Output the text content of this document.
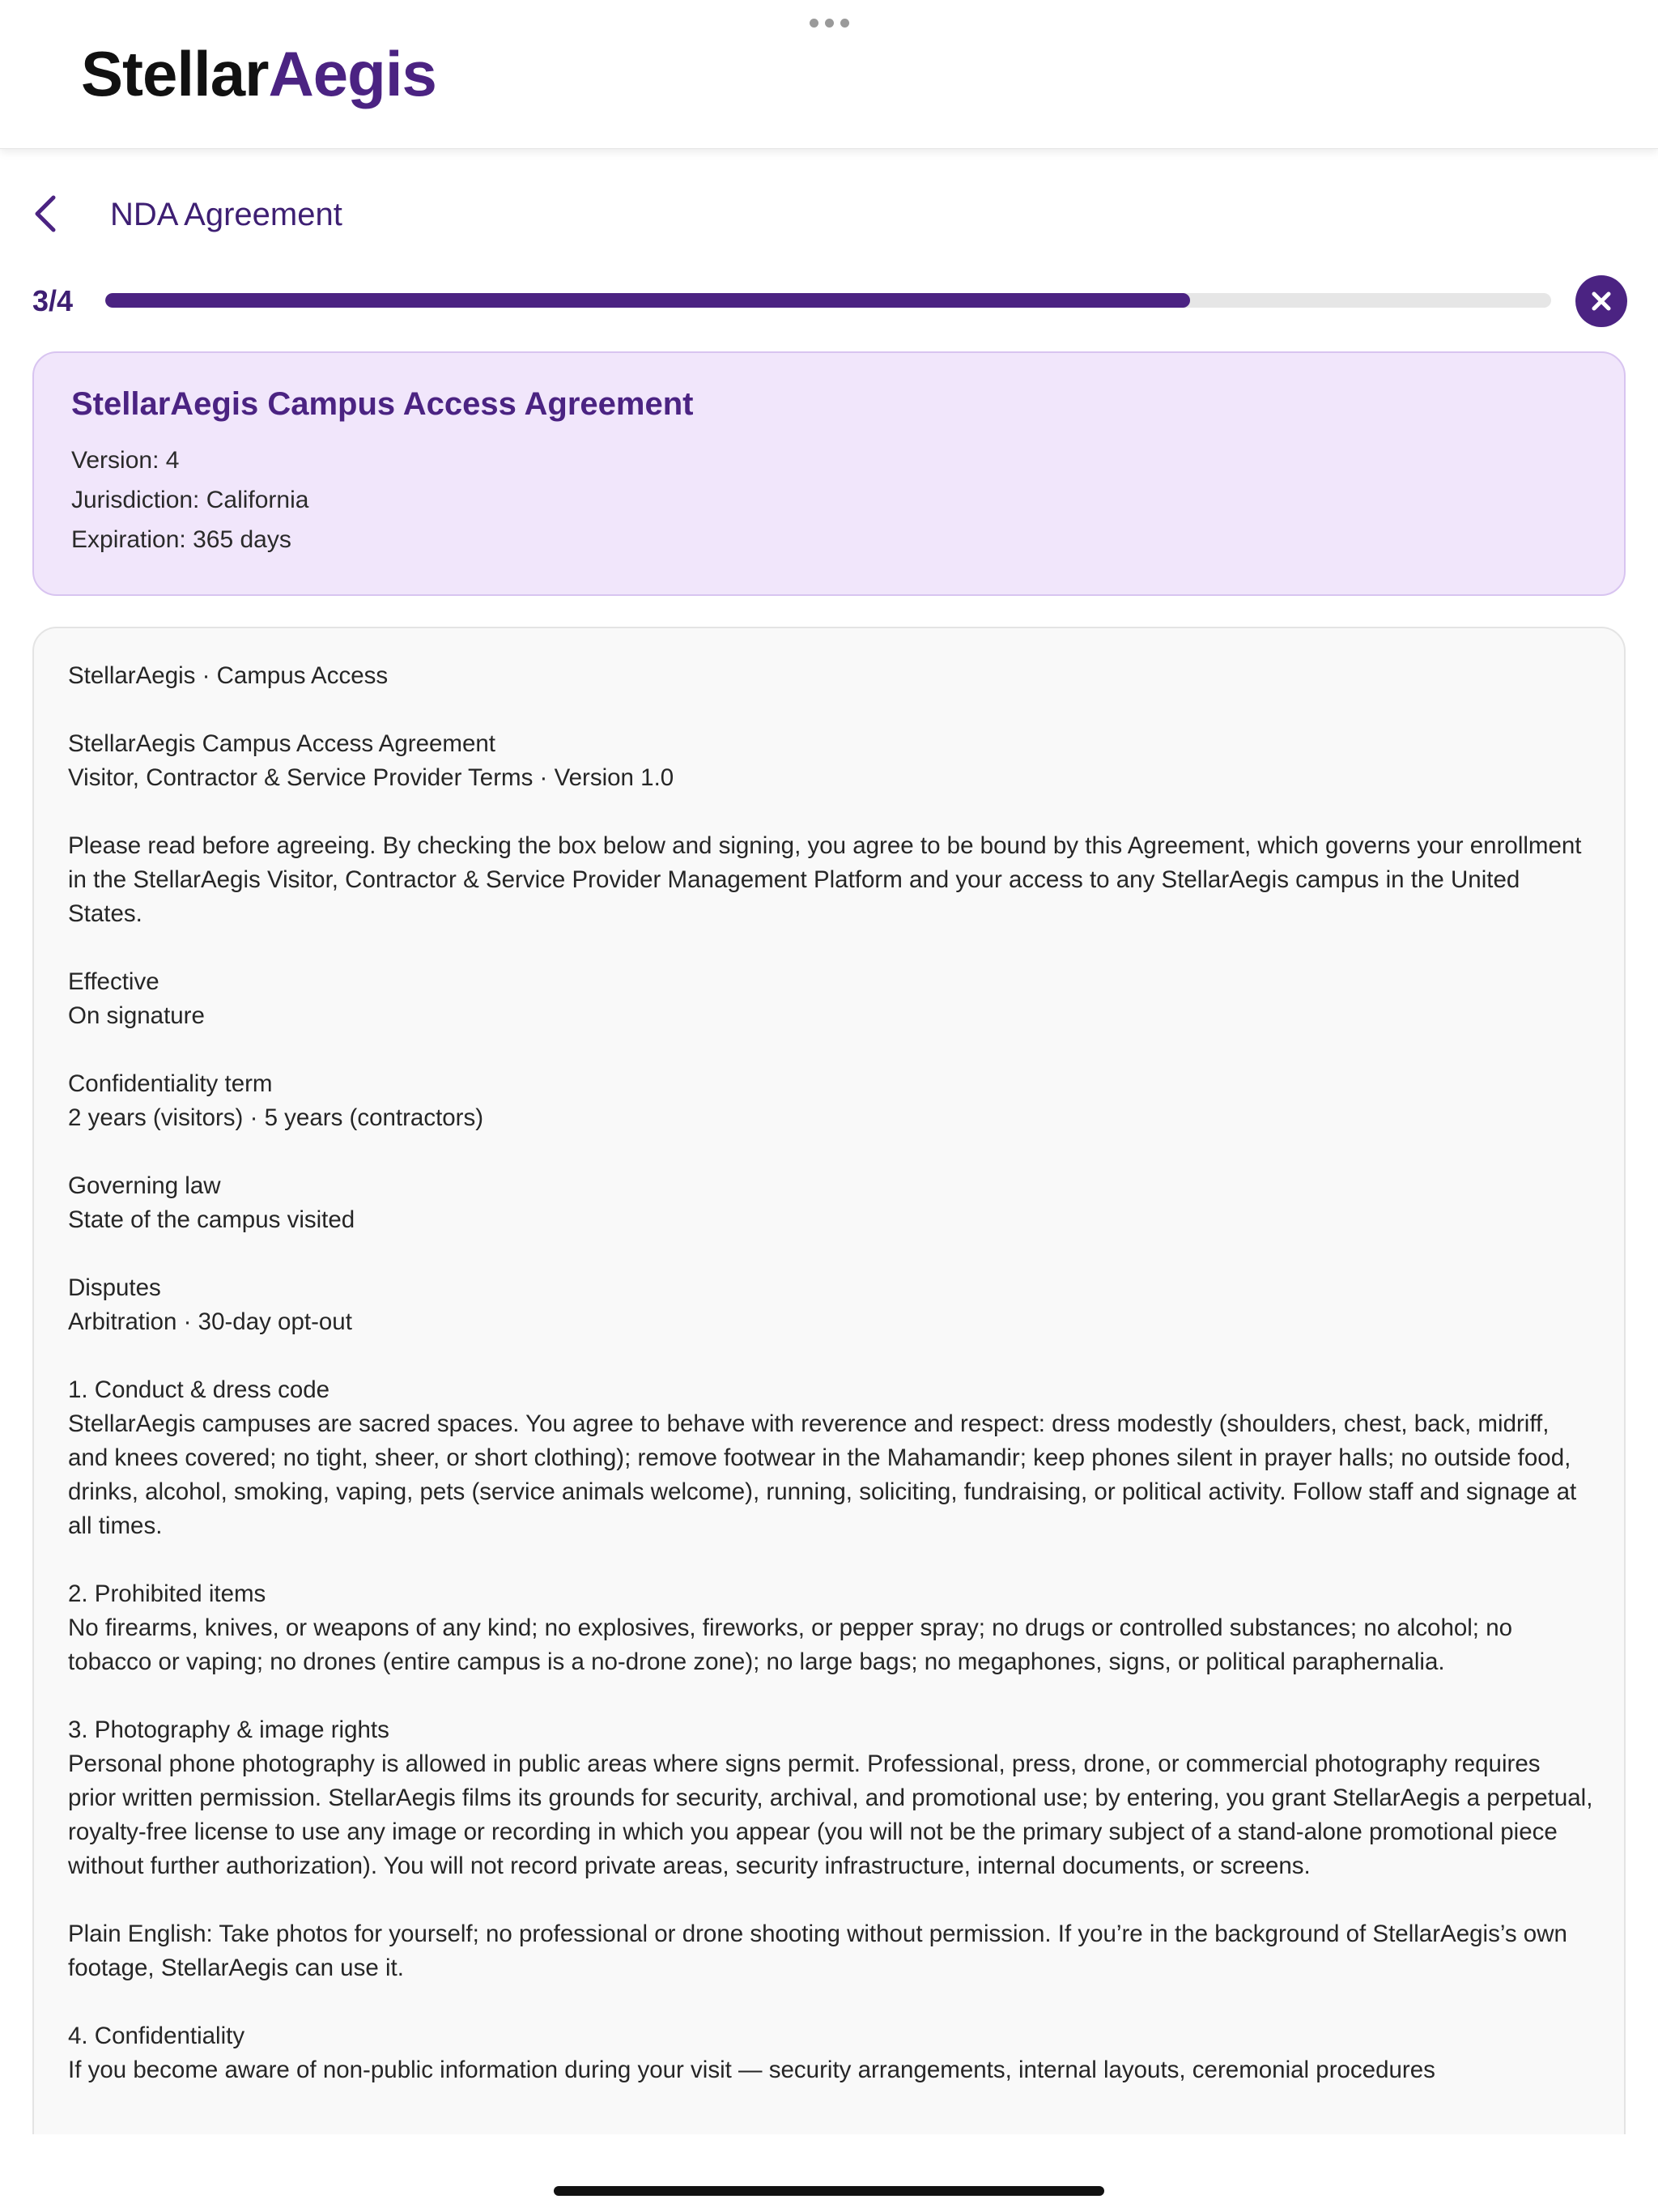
StellarAegis
NDA Agreement
3/4
StellarAegis Campus Access Agreement
Version: 4
Jurisdiction: California
Expiration: 365 days

StellarAegis · Campus Access

StellarAegis Campus Access Agreement
Visitor, Contractor & Service Provider Terms · Version 1.0

Please read before agreeing. By checking the box below and signing, you agree to be bound by this Agreement, which governs your enrollment in the StellarAegis Visitor, Contractor & Service Provider Management Platform and your access to any StellarAegis campus in the United States.

Effective
On signature

Confidentiality term
2 years (visitors) · 5 years (contractors)

Governing law
State of the campus visited

Disputes
Arbitration · 30-day opt-out

1. Conduct & dress code
StellarAegis campuses are sacred spaces. You agree to behave with reverence and respect: dress modestly (shoulders, chest, back, midriff, and knees covered; no tight, sheer, or short clothing); remove footwear in the Mahamandir; keep phones silent in prayer halls; no outside food, drinks, alcohol, smoking, vaping, pets (service animals welcome), running, soliciting, fundraising, or political activity. Follow staff and signage at all times.

2. Prohibited items
No firearms, knives, or weapons of any kind; no explosives, fireworks, or pepper spray; no drugs or controlled substances; no alcohol; no tobacco or vaping; no drones (entire campus is a no-drone zone); no large bags; no megaphones, signs, or political paraphernalia.

3. Photography & image rights
Personal phone photography is allowed in public areas where signs permit. Professional, press, drone, or commercial photography requires prior written permission. StellarAegis films its grounds for security, archival, and promotional use; by entering, you grant StellarAegis a perpetual, royalty-free license to use any image or recording in which you appear (you will not be the primary subject of a stand-alone promotional piece without further authorization). You will not record private areas, security infrastructure, internal documents, or screens.

Plain English: Take photos for yourself; no professional or drone shooting without permission. If you’re in the background of StellarAegis’s own footage, StellarAegis can use it.

4. Confidentiality
If you become aware of non-public information during your visit — security arrangements, internal layouts, ceremonial procedures
